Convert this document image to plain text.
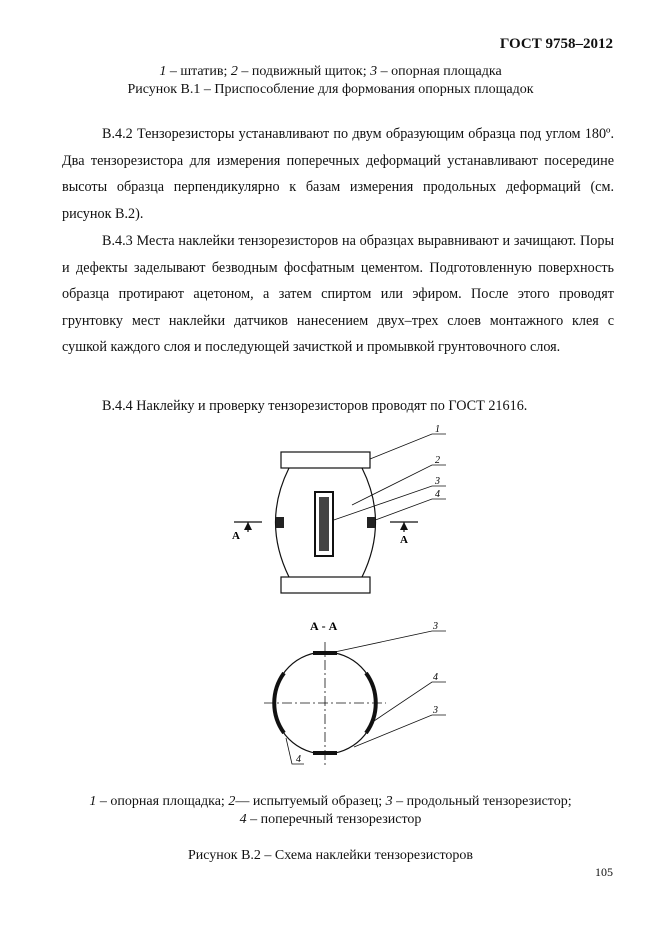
ГОСТ 9758–2012
1 – штатив; 2 – подвижный щиток; 3 – опорная площадка
Рисунок В.1 – Приспособление для формования опорных площадок

В.4.2 Тензорезисторы устанавливают по двум образующим образца под углом 180º. Два тензорезистора для измерения поперечных деформаций устанавливают посередине высоты образца перпендикулярно к базам измерения продольных деформаций (см. рисунок В.2).

В.4.3 Места наклейки тензорезисторов на образцах выравнивают и зачищают. Поры и дефекты заделывают безводным фосфатным цементом. Подготовленную поверхность образца протирают ацетоном, а затем спиртом или эфиром. После этого проводят грунтовку мест наклейки датчиков нанесением двух–трех слоев монтажного клея с сушкой каждого слоя и последующей зачисткой и промывкой грунтовочного слоя.

В.4.4 Наклейку и проверку тензорезисторов проводят по ГОСТ 21616.

1
2
3
4
А	А
А - А	3
4
3
4
1 – опорная площадка; 2— испытуемый образец; 3 – продольный тензорезистор;
4 – поперечный тензорезистор
Рисунок В.2 – Схема наклейки тензорезисторов
105
